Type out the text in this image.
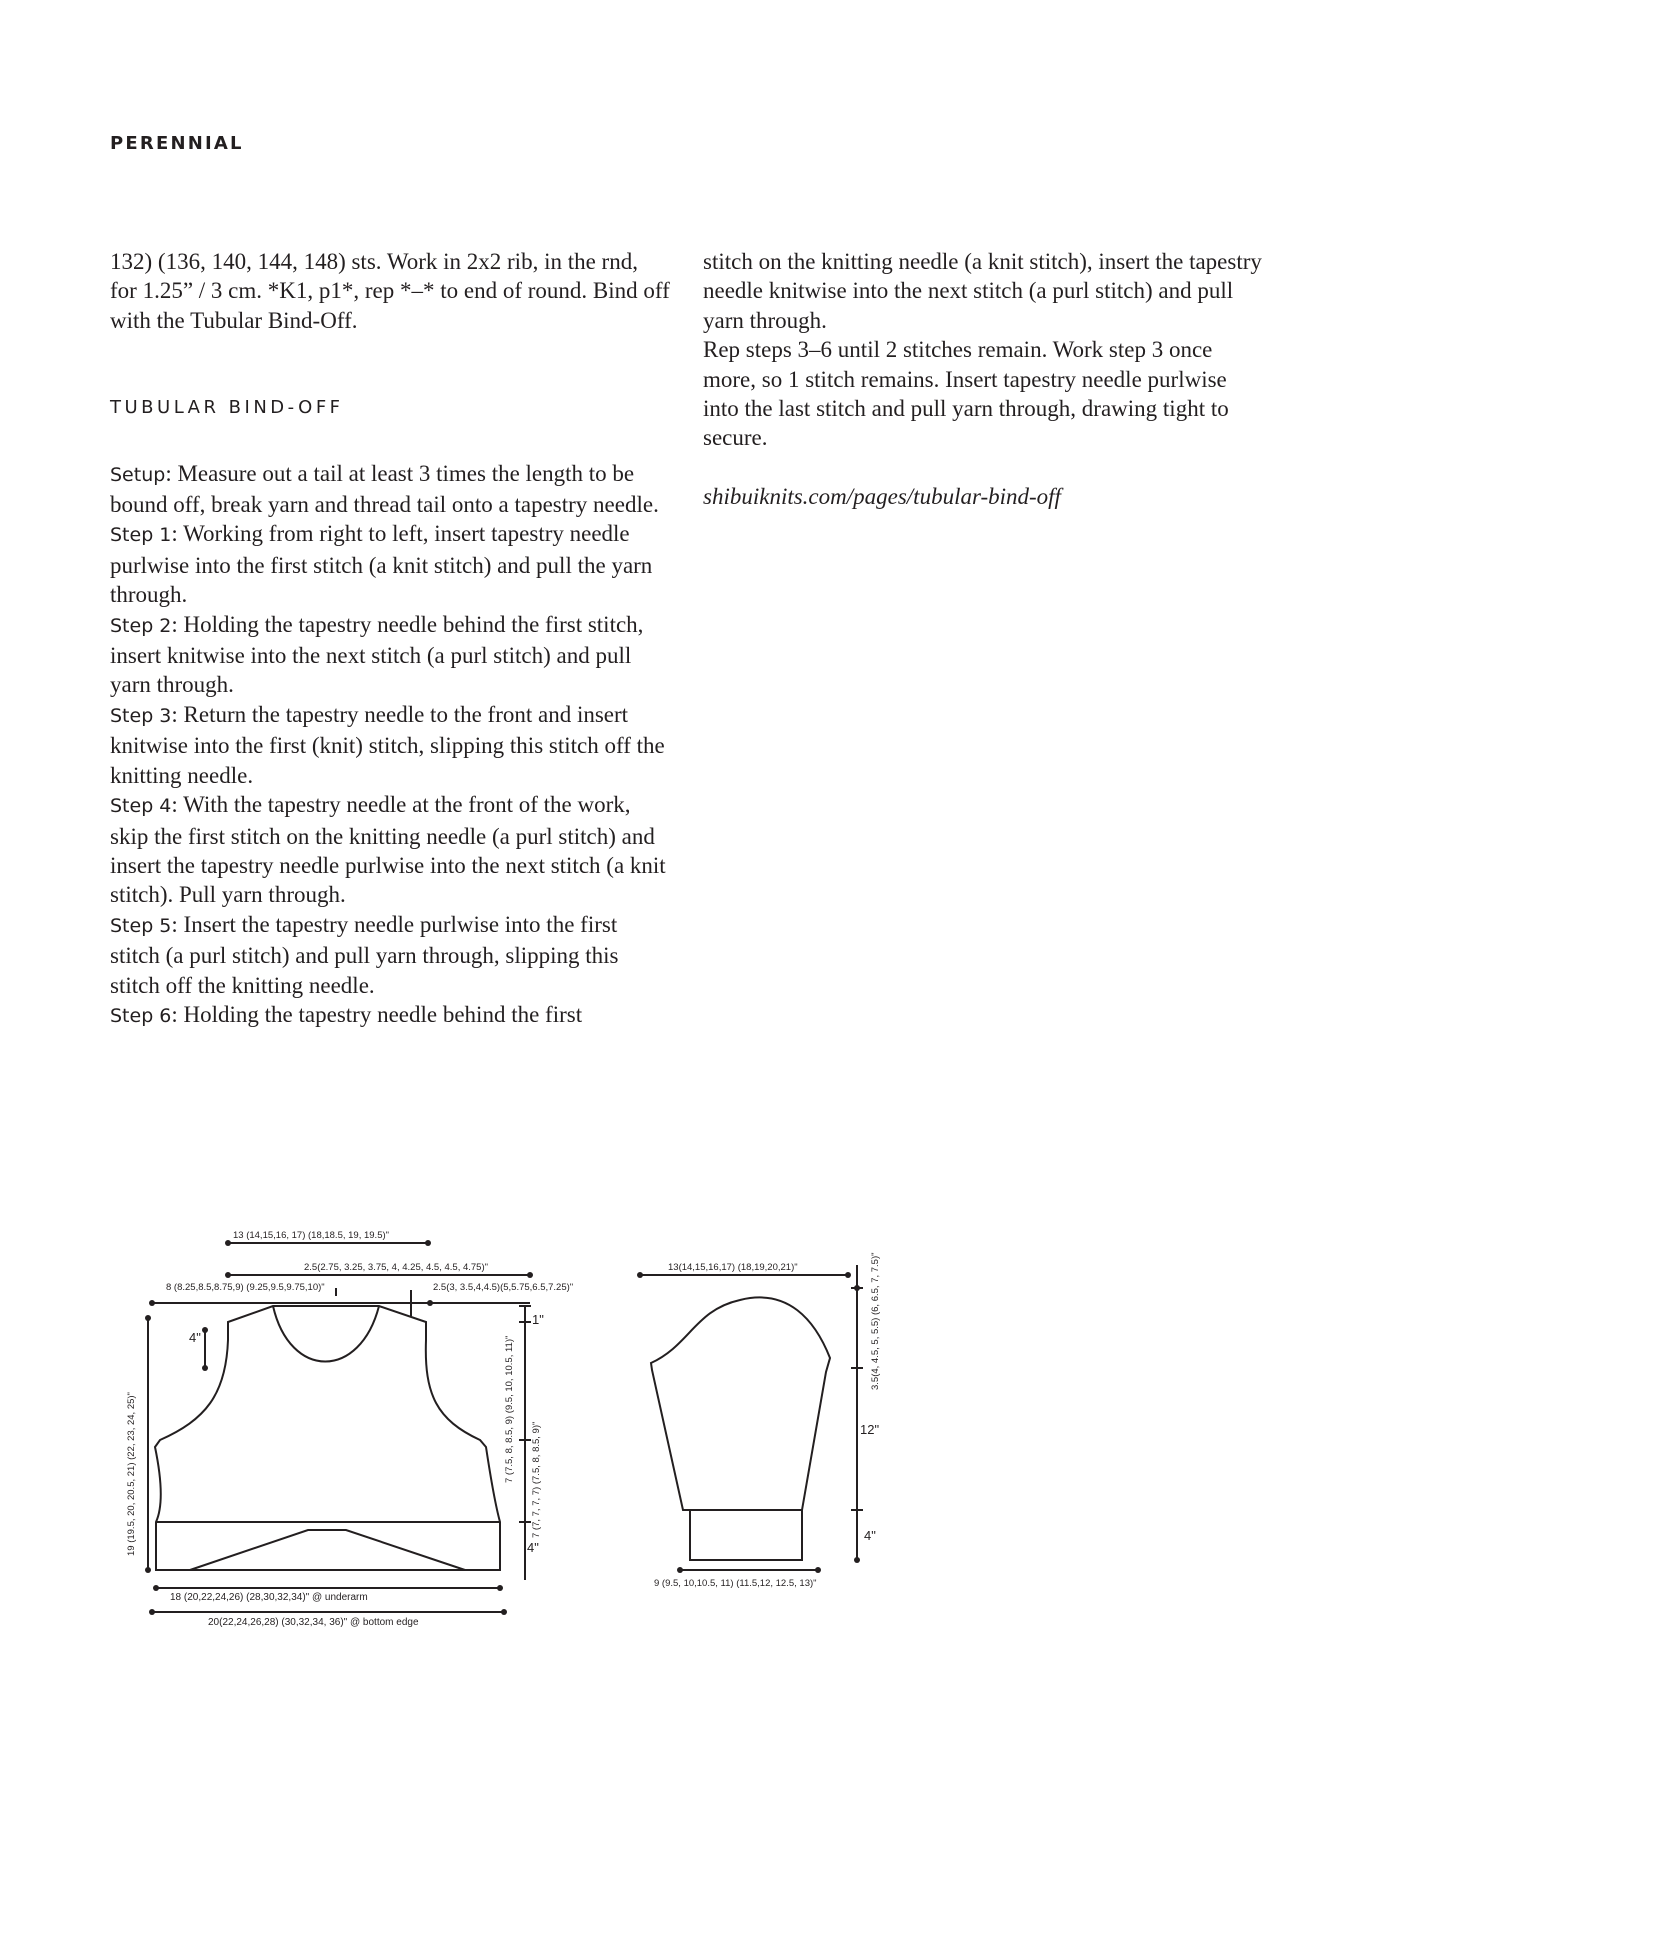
PERENNIAL

132) (136, 140, 144, 148) sts. Work in 2x2 rib, in the rnd, for 1.25” / 3 cm. *K1, p1*, rep *–* to end of round. Bind off with the Tubular Bind-Off.

TUBULAR BIND-OFF

Setup: Measure out a tail at least 3 times the length to be bound off, break yarn and thread tail onto a tapestry needle.

Step 1: Working from right to left, insert tapestry needle purlwise into the first stitch (a knit stitch) and pull the yarn through.

Step 2: Holding the tapestry needle behind the first stitch, insert knitwise into the next stitch (a purl stitch) and pull yarn through.

Step 3: Return the tapestry needle to the front and insert knitwise into the first (knit) stitch, slipping this stitch off the knitting needle.

Step 4: With the tapestry needle at the front of the work, skip the first stitch on the knitting needle (a purl stitch) and insert the tapestry needle purlwise into the next stitch (a knit stitch). Pull yarn through.

Step 5: Insert the tapestry needle purlwise into the first stitch (a purl stitch) and pull yarn through, slipping this stitch off the knitting needle.

Step 6: Holding the tapestry needle behind the first

stitch on the knitting needle (a knit stitch), insert the tapestry needle knitwise into the next stitch (a purl stitch) and pull yarn through.

Rep steps 3–6 until 2 stitches remain. Work step 3 once more, so 1 stitch remains. Insert tapestry needle purlwise into the last stitch and pull yarn through, drawing tight to secure.

shibuiknits.com/pages/tubular-bind-off

13 (14,15,16, 17) (18,18.5, 19, 19.5)"
2.5(2.75, 3.25, 3.75, 4, 4.25, 4.5, 4.5, 4.75)"
8 (8.25,8.5,8.75,9) (9.25,9.5,9.75,10)"	2.5(3, 3.5,4,4.5)(5,5.75,6.5,7.25)"
4"
1"
4"
18 (20,22,24,26) (28,30,32,34)" @ underarm
20(22,24,26,28) (30,32,34, 36)" @ bottom edge
19 (19.5, 20, 20.5, 21) (22, 23, 24, 25)"	7 (7.5, 8, 8.5, 9) (9.5, 10, 10.5, 11)" 7 (7, 7, 7, 7) (7.5, 8, 8.5, 9)"
13(14,15,16,17) (18,19,20,21)"	3.5(4, 4.5, 5, 5.5) (6, 6.5, 7, 7.5)"
12"
4"
9 (9.5, 10,10.5, 11) (11.5,12, 12.5, 13)"
